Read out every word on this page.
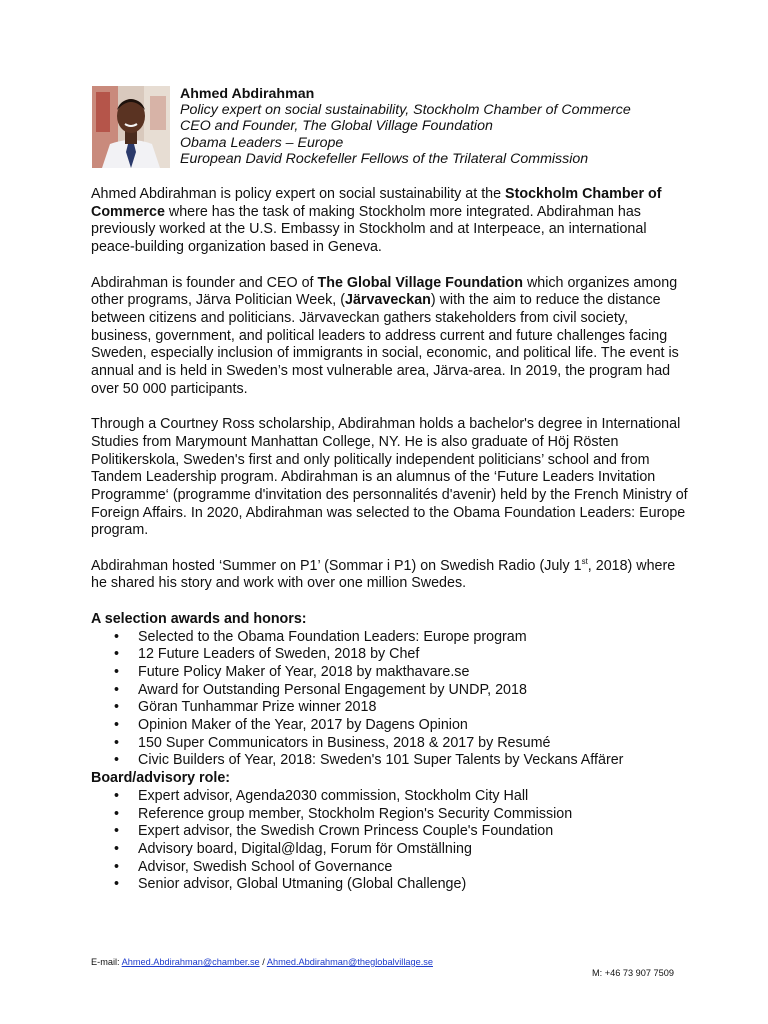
Ahmed Abdirahman
Policy expert on social sustainability, Stockholm Chamber of Commerce
CEO and Founder, The Global Village Foundation
Obama Leaders – Europe
European David Rockefeller Fellows of the Trilateral Commission

Ahmed Abdirahman is policy expert on social sustainability at the Stockholm Chamber of Commerce where has the task of making Stockholm more integrated. Abdirahman has previously worked at the U.S. Embassy in Stockholm and at Interpeace, an international peace-building organization based in Geneva.

Abdirahman is founder and CEO of The Global Village Foundation which organizes among other programs, Järva Politician Week, (Järvaveckan) with the aim to reduce the distance between citizens and politicians. Järvaveckan gathers stakeholders from civil society, business, government, and political leaders to address current and future challenges facing Sweden, especially inclusion of immigrants in social, economic, and political life. The event is annual and is held in Sweden’s most vulnerable area, Järva-area. In 2019, the program had over 50 000 participants.

Through a Courtney Ross scholarship, Abdirahman holds a bachelor's degree in International Studies from Marymount Manhattan College, NY. He is also graduate of Höj Rösten Politikerskola, Sweden's first and only politically independent politicians’ school and from Tandem Leadership program. Abdirahman is an alumnus of the ‘Future Leaders Invitation Programme‘ (programme d'invitation des personnalités d'avenir) held by the French Ministry of Foreign Affairs. In 2020, Abdirahman was selected to the Obama Foundation Leaders: Europe program.

Abdirahman hosted ‘Summer on P1’ (Sommar i P1) on Swedish Radio (July 1st, 2018) where he shared his story and work with over one million Swedes.

A selection awards and honors:
• Selected to the Obama Foundation Leaders: Europe program
• 12 Future Leaders of Sweden, 2018 by Chef
• Future Policy Maker of Year, 2018 by makthavare.se
• Award for Outstanding Personal Engagement by UNDP, 2018
• Göran Tunhammar Prize winner 2018
• Opinion Maker of the Year, 2017 by Dagens Opinion
• 150 Super Communicators in Business, 2018 & 2017 by Resumé
• Civic Builders of Year, 2018: Sweden's 101 Super Talents by Veckans Affärer
Board/advisory role:
• Expert advisor, Agenda2030 commission, Stockholm City Hall
• Reference group member, Stockholm Region's Security Commission
• Expert advisor, the Swedish Crown Princess Couple's Foundation
• Advisory board, Digital@ldag, Forum för Omställning
• Advisor, Swedish School of Governance
• Senior advisor, Global Utmaning (Global Challenge)
E-mail: Ahmed.Abdirahman@chamber.se / Ahmed.Abdirahman@theglobalvillage.se
M: +46 73 907 7509
